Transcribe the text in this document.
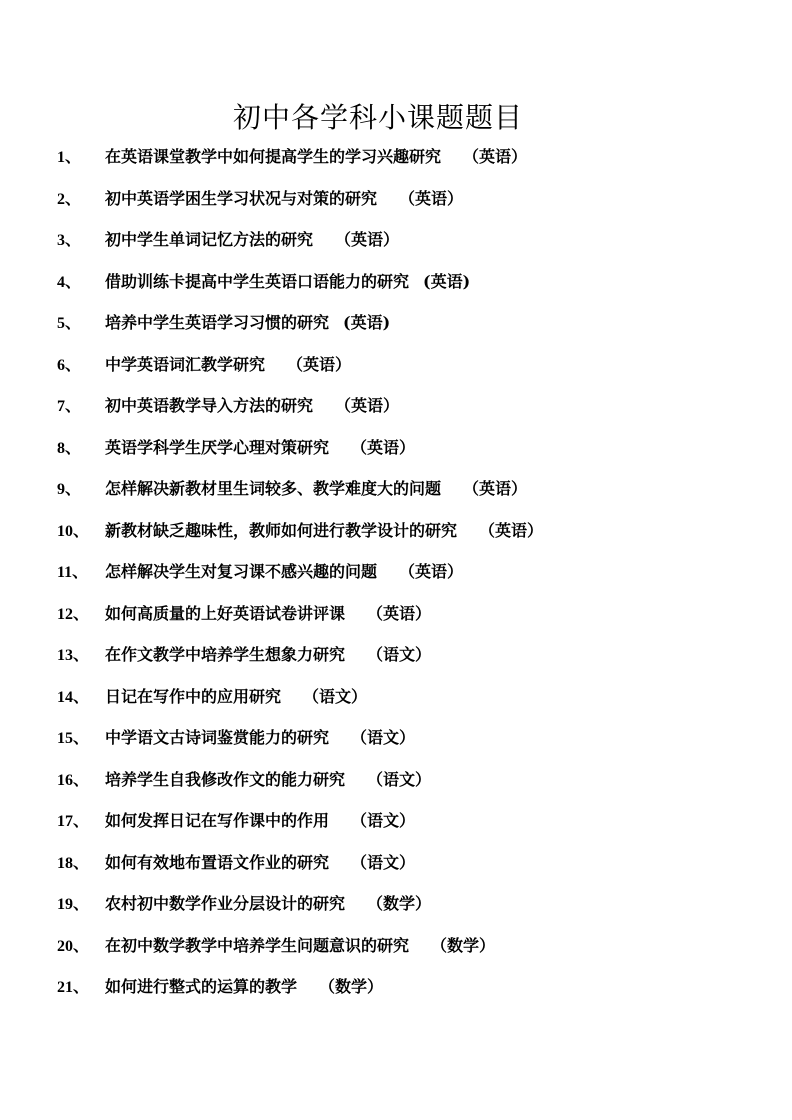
初中各学科小课题题目
1、 在英语课堂教学中如何提高学生的学习兴趣研究 （英语）
2、 初中英语学困生学习状况与对策的研究 （英语）
3、 初中学生单词记忆方法的研究 （英语）
4、 借助训练卡提高中学生英语口语能力的研究 (英语)
5、 培养中学生英语学习习惯的研究 (英语)
6、 中学英语词汇教学研究 （英语）
7、 初中英语教学导入方法的研究 （英语）
8、 英语学科学生厌学心理对策研究 （英语）
9、 怎样解决新教材里生词较多、教学难度大的问题 （英语）
10、 新教材缺乏趣味性，教师如何进行教学设计的研究 （英语）
11、 怎样解决学生对复习课不感兴趣的问题 （英语）
12、 如何高质量的上好英语试卷讲评课 （英语）
13、 在作文教学中培养学生想象力研究 （语文）
14、 日记在写作中的应用研究 （语文）
15、 中学语文古诗词鉴赏能力的研究 （语文）
16、 培养学生自我修改作文的能力研究 （语文）
17、 如何发挥日记在写作课中的作用 （语文）
18、 如何有效地布置语文作业的研究 （语文）
19、 农村初中数学作业分层设计的研究 （数学）
20、 在初中数学教学中培养学生问题意识的研究 （数学）
21、 如何进行整式的运算的教学 （数学）
